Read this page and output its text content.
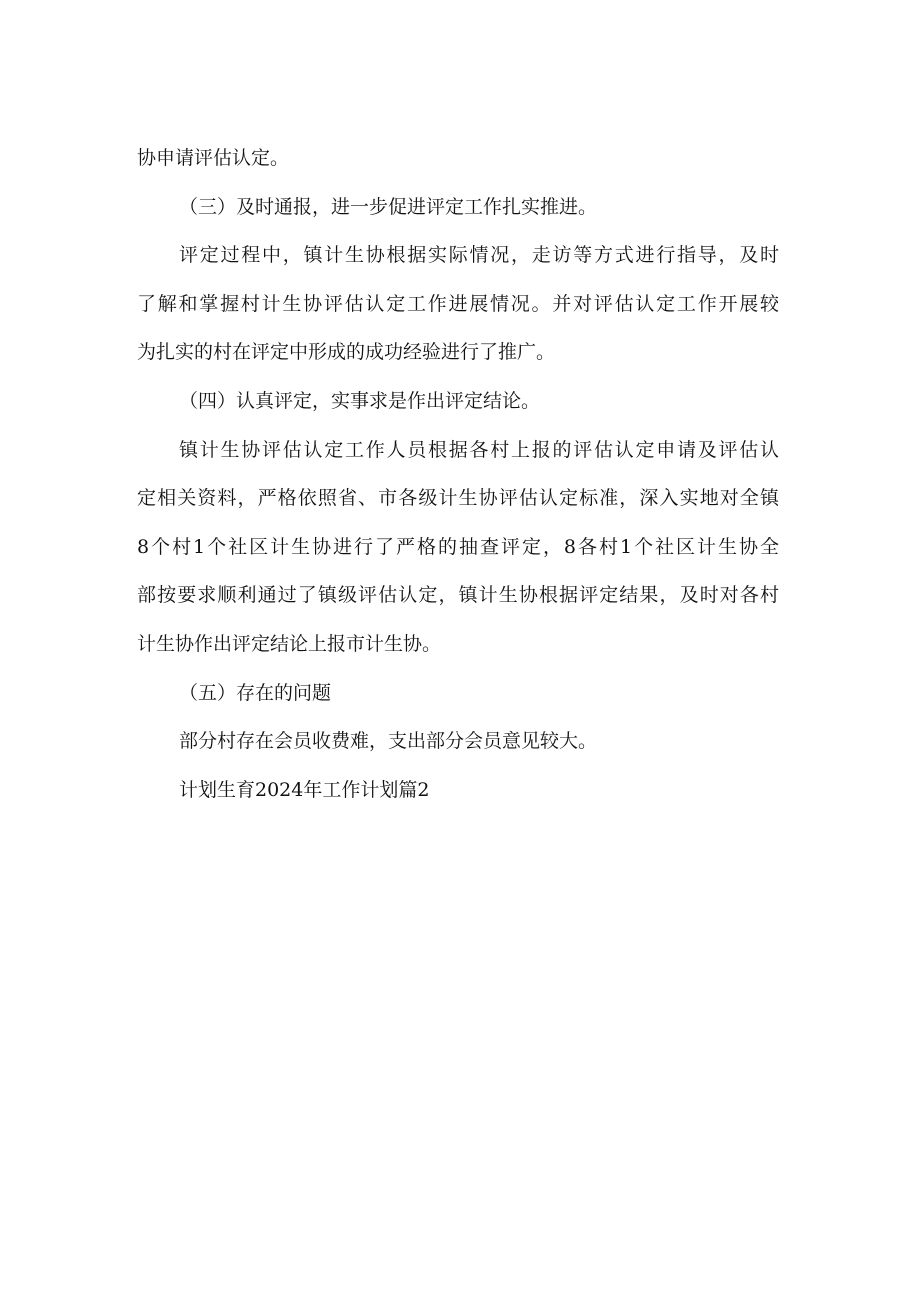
协申请评估认定。
（三）及时通报，进一步促进评定工作扎实推进。
评定过程中，镇计生协根据实际情况，走访等方式进行指导，及时
了解和掌握村计生协评估认定工作进展情况。并对评估认定工作开展较
为扎实的村在评定中形成的成功经验进行了推广。
（四）认真评定，实事求是作出评定结论。
镇计生协评估认定工作人员根据各村上报的评估认定申请及评估认
定相关资料，严格依照省、市各级计生协评估认定标准，深入实地对全镇
8个村1个社区计生协进行了严格的抽查评定，8各村1个社区计生协全
部按要求顺利通过了镇级评估认定，镇计生协根据评定结果，及时对各村
计生协作出评定结论上报市计生协。
（五）存在的问题
部分村存在会员收费难，支出部分会员意见较大。
计划生育2024年工作计划篇2
